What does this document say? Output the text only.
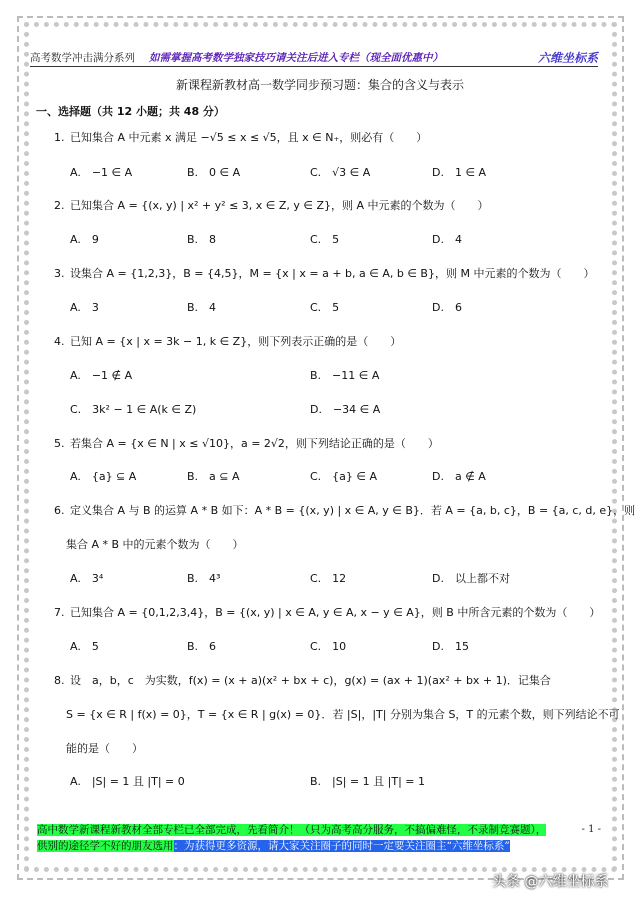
高考数学冲击满分系列 如需掌握高考数学独家技巧请关注后进入专栏（现全面优惠中）	六维坐标系
新课程新教材高一数学同步预习题：集合的含义与表示
一、选择题（共 12 小题；共 48 分）
1. 已知集合 A 中元素 x 满足 −√5 ≤ x ≤ √5，且 x ∈ N₊，则必有（　　）
A.　−1 ∈ A	B.　0 ∈ A	C.　√3 ∈ A	D.　1 ∈ A
2. 已知集合 A = {(x, y) | x² + y² ≤ 3, x ∈ Z, y ∈ Z}，则 A 中元素的个数为（　　）
A.　9	B.　8	C.　5	D.　4
3. 设集合 A = {1,2,3}，B = {4,5}，M = {x | x = a + b, a ∈ A, b ∈ B}，则 M 中元素的个数为（　　）
A.　3	B.　4	C.　5	D.　6
4. 已知 A = {x | x = 3k − 1, k ∈ Z}，则下列表示正确的是（　　）
A.　−1 ∉ A	B.　−11 ∈ A
C.　3k² − 1 ∈ A(k ∈ Z)	D.　−34 ∈ A
5. 若集合 A = {x ∈ N | x ≤ √10}，a = 2√2，则下列结论正确的是（　　）
A.　{a} ⊆ A	B.　a ⊆ A	C.　{a} ∈ A	D.　a ∉ A
6. 定义集合 A 与 B 的运算 A * B 如下：A * B = {(x, y) | x ∈ A, y ∈ B}．若 A = {a, b, c}，B = {a, c, d, e}，则
集合 A * B 中的元素个数为（　　）
A.　3⁴	B.　4³	C.　12	D.　以上都不对
7. 已知集合 A = {0,1,2,3,4}，B = {(x, y) | x ∈ A, y ∈ A, x − y ∈ A}，则 B 中所含元素的个数为（　　）
A.　5	B.　6	C.　10	D.　15
8. 设　a，b，c　为实数，f(x) = (x + a)(x² + bx + c)，g(x) = (ax + 1)(ax² + bx + 1)．记集合
S = {x ∈ R | f(x) = 0}，T = {x ∈ R | g(x) = 0}．若 |S|，|T| 分别为集合 S，T 的元素个数，则下列结论不可
能的是（　　）
A.　|S| = 1 且 |T| = 0	B.　|S| = 1 且 |T| = 1
高中数学新课程新教材全部专栏已全部完成，先看简介！（只为高考高分服务，不搞偏难怪，不录制竞赛题），
供别的途径学不好的朋友选用：为获得更多资源，请大家关注圈子的同时一定要关注圈主“六维坐标系”
- 1 -
头条 @六维坐标系
